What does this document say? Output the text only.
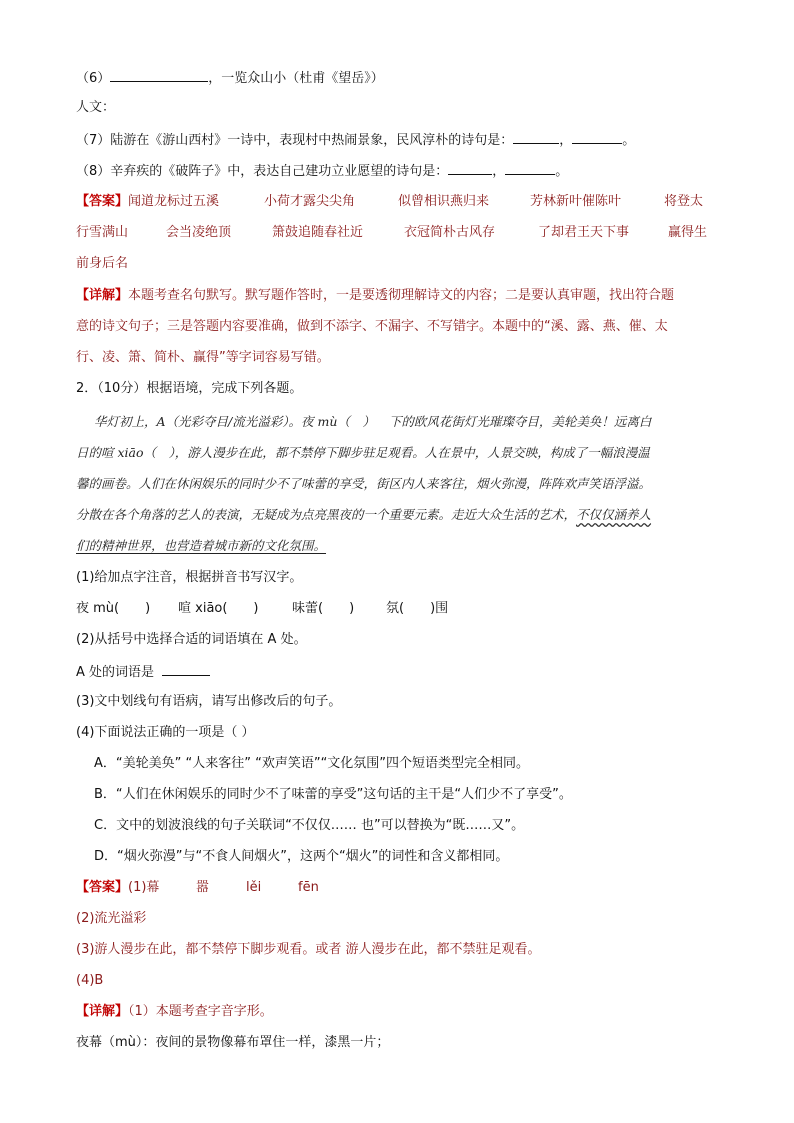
（6）	，一览众山小（杜甫《望岳》）
人文：
（7）陆游在《游山西村》一诗中，表现村中热闹景象，民风淳朴的诗句是：	，	。
（8）辛弃疾的《破阵子》中，表达自己建功立业愿望的诗句是：	，	。
【答案】闻道龙标过五溪	小荷才露尖尖角	似曾相识燕归来	芳林新叶催陈叶	将登太
行雪满山	会当凌绝顶	箫鼓追随春社近	衣冠简朴古风存	了却君王天下事	赢得生
前身后名
【详解】本题考查名句默写。默写题作答时，一是要透彻理解诗文的内容；二是要认真审题，找出符合题
意的诗文句子；三是答题内容要准确，做到不添字、不漏字、不写错字。本题中的“溪、露、燕、催、太
行、凌、箫、简朴、赢得”等字词容易写错。
2．（10分）根据语境，完成下列各题。
华灯初上，A（光彩夺目/流光溢彩）。夜 mù（　） 下的欧风花街灯光璀璨夺目，美轮美奂！远离白
日的喧 xiāo（　），游人漫步在此，都不禁停下脚步驻足观看。人在景中，人景交映，构成了一幅浪漫温
馨的画卷。人们在休闲娱乐的同时少不了味蕾的享受，街区内人来客往，烟火弥漫，阵阵欢声笑语浮溢。
分散在各个角落的艺人的表演，无疑成为点亮黑夜的一个重要元素。走近大众生活的艺术，不仅仅涵养人
们的精神世界，也营造着城市新的文化氛围。
(1)给加点字注音，根据拼音书写汉字。
夜 mù(　　) 喧 xiāo(　　)	味蕾(　　) 氛(　　)围
(2)从括号中选择合适的词语填在 A 处。
A 处的词语是
(3)文中划线句有语病，请写出修改后的句子。
(4)下面说法正确的一项是（ ）
A．“美轮美奂” “人来客往” “欢声笑语”“文化氛围”四个短语类型完全相同。
B．“人们在休闲娱乐的同时少不了味蕾的享受”这句话的主干是“人们少不了享受”。
C．文中的划波浪线的句子关联词“不仅仅…… 也”可以替换为“既……又”。
D．“烟火弥漫”与“不食人间烟火”，这两个“烟火”的词性和含义都相同。
【答案】(1)幕	嚣	lěi	fēn
(2)流光溢彩
(3)游人漫步在此，都不禁停下脚步观看。或者 游人漫步在此，都不禁驻足观看。
(4)B
【详解】（1）本题考查字音字形。
夜幕（mù）：夜间的景物像幕布罩住一样，漆黑一片；
